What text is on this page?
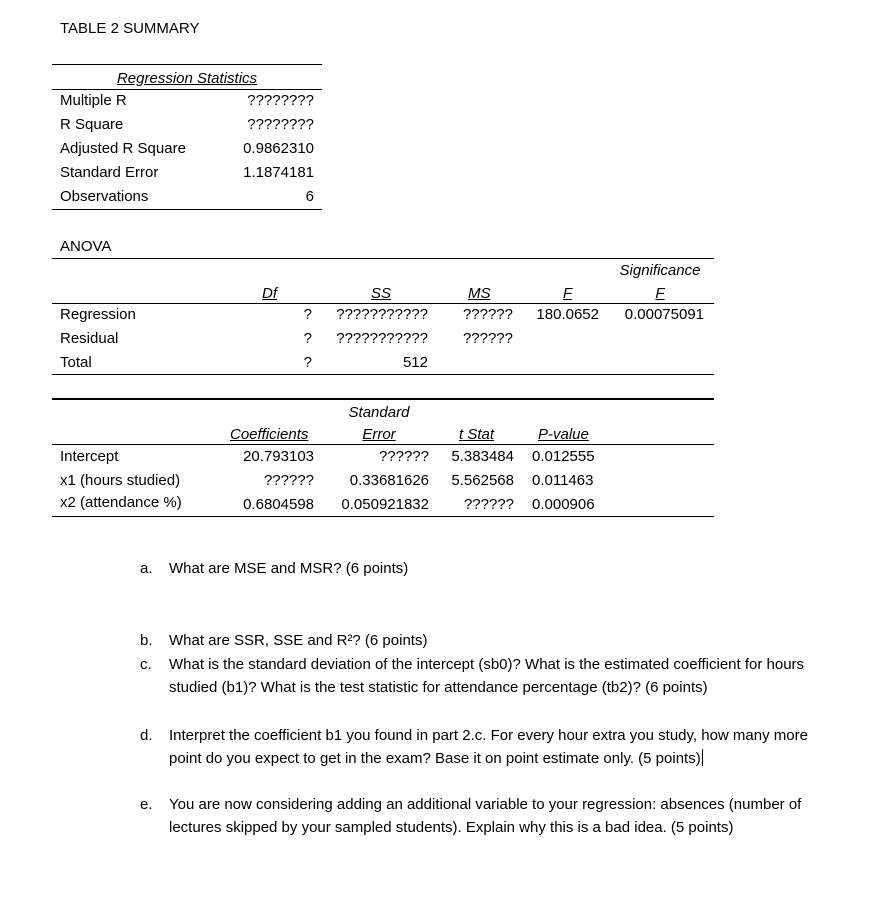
TABLE 2 SUMMARY
Regression Statistics
Multiple R	????????
R Square	????????
Adjusted R Square	0.9862310
Standard Error	1.1874181
Observations	6
ANOVA
Significance
Df	SS	MS	F	F
Regression	?	???????????	??????	180.0652	0.00075091
Residual	?	???????????	??????
Total	?	512
Standard
Coefficients	Error	t Stat	P-value
Intercept	20.793103	??????	5.383484 0.012555
x1 (hours studied)	??????	0.33681626	5.562568 0.011463
x2 (attendance %)	0.6804598	0.050921832	?????? 0.000906
a.	What are MSE and MSR? (6 points)
b.	What are SSR, SSE and R²? (6 points)
c.	What is the standard deviation of the intercept (sb0)? What is the estimated coefficient for hours studied (b1)? What is the test statistic for attendance percentage (tb2)? (6 points)
d.	Interpret the coefficient b1 you found in part 2.c. For every hour extra you study, how many more point do you expect to get in the exam? Base it on point estimate only. (5 points)
e.	You are now considering adding an additional variable to your regression: absences (number of lectures skipped by your sampled students). Explain why this is a bad idea. (5 points)
